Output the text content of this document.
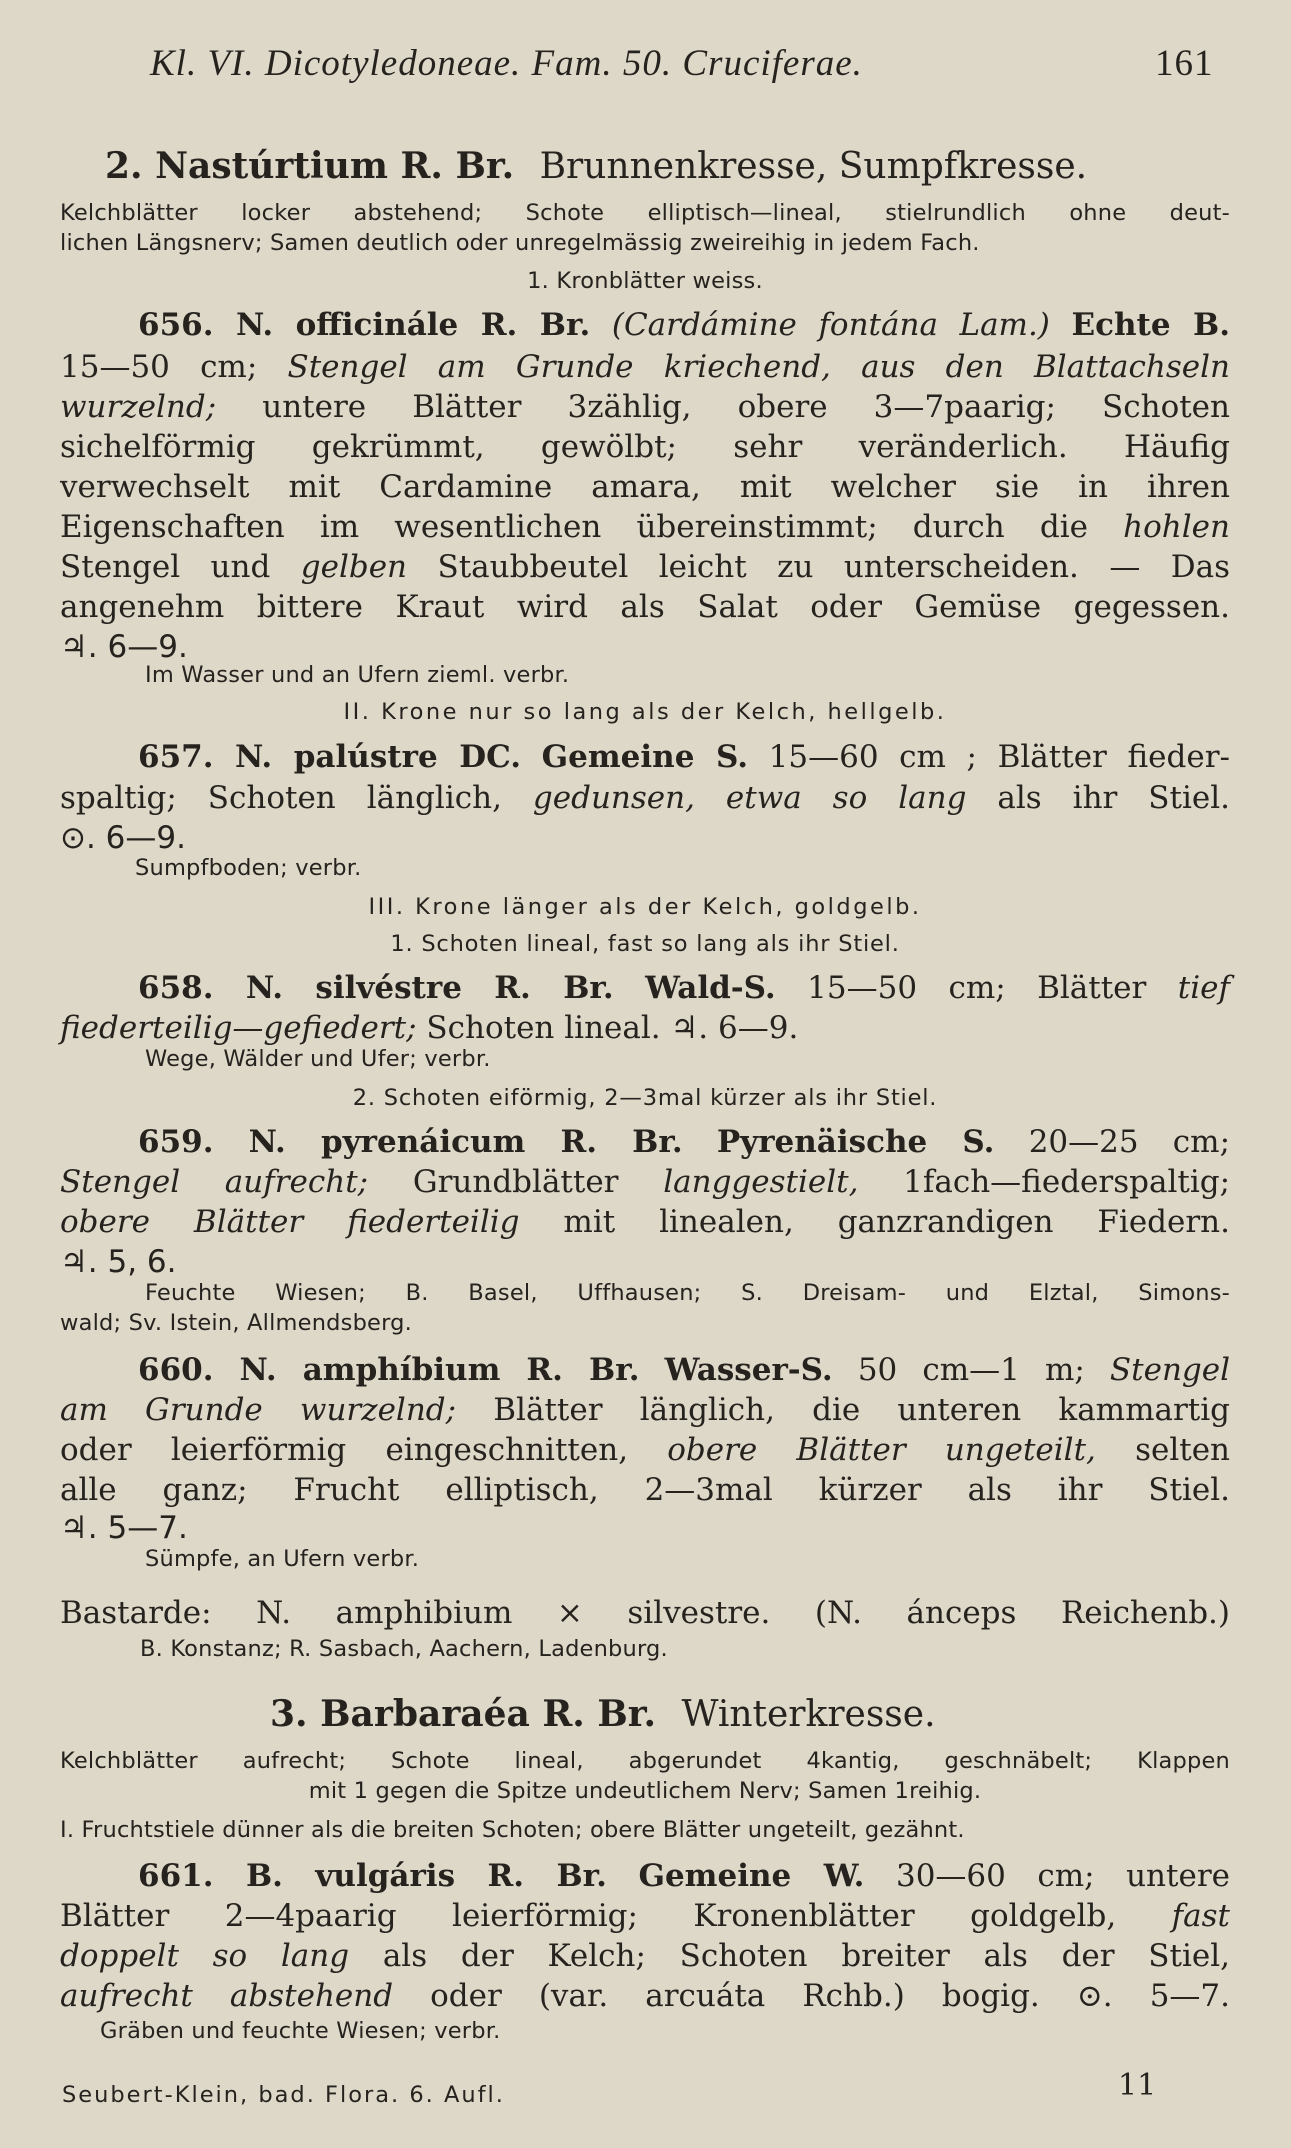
Kl. VI. Dicotyledoneae. Fam. 50. Cruciferae.	161
2. Nastúrtium R. Br. Brunnenkresse, Sumpfkresse.
Kelchblätter locker abstehend; Schote elliptisch—lineal, stielrundlich ohne deut-
lichen Längsnerv; Samen deutlich oder unregelmässig zweireihig in jedem Fach.
1. Kronblätter weiss.
656. N. officinále R. Br. (Cardámine fontána Lam.) Echte B.
15—50 cm; Stengel am Grunde kriechend, aus den Blattachseln
wurzelnd; untere Blätter 3zählig, obere 3—7paarig; Schoten
sichelförmig gekrümmt, gewölbt; sehr veränderlich. Häufig
verwechselt mit Cardamine amara, mit welcher sie in ihren
Eigenschaften im wesentlichen übereinstimmt; durch die hohlen
Stengel und gelben Staubbeutel leicht zu unterscheiden. — Das
angenehm bittere Kraut wird als Salat oder Gemüse gegessen.
♃. 6—9.
Im Wasser und an Ufern zieml. verbr.
II. Krone nur so lang als der Kelch, hellgelb.
657. N. palústre DC. Gemeine S. 15—60 cm ; Blätter fieder-
spaltig; Schoten länglich, gedunsen, etwa so lang als ihr Stiel.
⊙. 6—9.
Sumpfboden; verbr.
III. Krone länger als der Kelch, goldgelb.
1. Schoten lineal, fast so lang als ihr Stiel.
658. N. silvéstre R. Br. Wald-S. 15—50 cm; Blätter tief
fiederteilig—gefiedert; Schoten lineal. ♃. 6—9.
Wege, Wälder und Ufer; verbr.
2. Schoten eiförmig, 2—3mal kürzer als ihr Stiel.
659. N. pyrenáicum R. Br. Pyrenäische S. 20—25 cm;
Stengel aufrecht; Grundblätter langgestielt, 1fach—fiederspaltig;
obere Blätter fiederteilig mit linealen, ganzrandigen Fiedern.
♃. 5, 6.
Feuchte Wiesen; B. Basel, Uffhausen; S. Dreisam- und Elztal, Simons-
wald; Sv. Istein, Allmendsberg.
660. N. amphíbium R. Br. Wasser-S. 50 cm—1 m; Stengel
am Grunde wurzelnd; Blätter länglich, die unteren kammartig
oder leierförmig eingeschnitten, obere Blätter ungeteilt, selten
alle ganz; Frucht elliptisch, 2—3mal kürzer als ihr Stiel.
♃. 5—7.
Sümpfe, an Ufern verbr.
Bastarde: N. amphibium × silvestre. (N. ánceps Reichenb.)
B. Konstanz; R. Sasbach, Aachern, Ladenburg.
3. Barbaraéa R. Br. Winterkresse.
Kelchblätter aufrecht; Schote lineal, abgerundet 4kantig, geschnäbelt; Klappen
mit 1 gegen die Spitze undeutlichem Nerv; Samen 1reihig.
I. Fruchtstiele dünner als die breiten Schoten; obere Blätter ungeteilt, gezähnt.
661. B. vulgáris R. Br. Gemeine W. 30—60 cm; untere
Blätter 2—4paarig leierförmig; Kronenblätter goldgelb, fast
doppelt so lang als der Kelch; Schoten breiter als der Stiel,
aufrecht abstehend oder (var. arcuáta Rchb.) bogig. ⊙. 5—7.
Gräben und feuchte Wiesen; verbr.
Seubert-Klein, bad. Flora. 6. Aufl.	11
